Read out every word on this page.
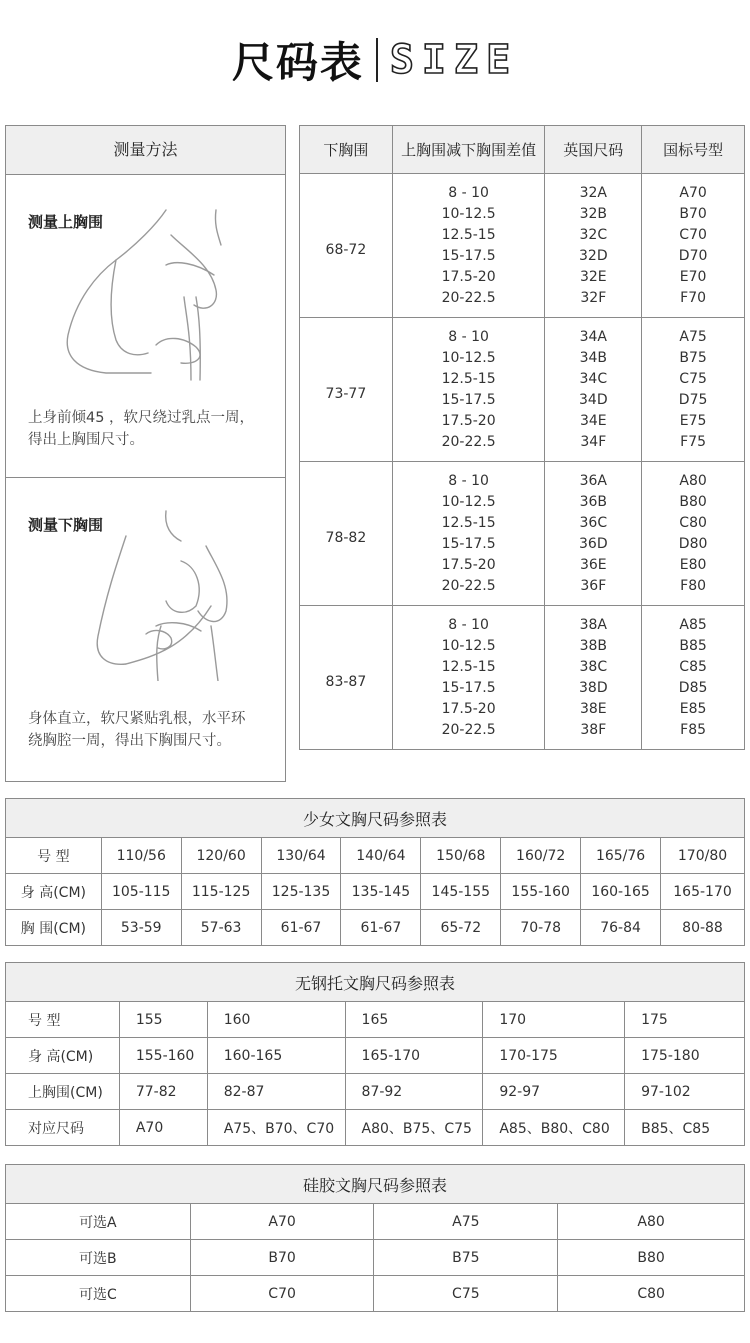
尺码表 SIZE
测量方法
测量上胸围
上身前倾45 ，软尺绕过乳点一周，
得出上胸围尺寸。
测量下胸围
身体直立，软尺紧贴乳根，水平环
绕胸腔一周，得出下胸围尺寸。
下胸围	上胸围减下胸围差值	英国尺码	国标号型
68-72	8 - 10	32A	A70
	10-12.5	32B	B70
	12.5-15	32C	C70
	15-17.5	32D	D70
	17.5-20	32E	E70
	20-22.5	32F	F70
73-77	8 - 10	34A	A75
	10-12.5	34B	B75
	12.5-15	34C	C75
	15-17.5	34D	D75
	17.5-20	34E	E75
	20-22.5	34F	F75
78-82	8 - 10	36A	A80
	10-12.5	36B	B80
	12.5-15	36C	C80
	15-17.5	36D	D80
	17.5-20	36E	E80
	20-22.5	36F	F80
83-87	8 - 10	38A	A85
	10-12.5	38B	B85
	12.5-15	38C	C85
	15-17.5	38D	D85
	17.5-20	38E	E85
	20-22.5	38F	F85
少女文胸尺码参照表								
号 型	110/56	120/60	130/64	140/64	150/68	160/72	165/76	170/80
身 高(CM)	105-115	115-125	125-135	135-145	145-155	155-160	160-165	165-170
胸 围(CM)	53-59	57-63	61-67	61-67	65-72	70-78	76-84	80-88
无钢托文胸尺码参照表					
号 型	155	160	165	170	175
身 高(CM)	155-160	160-165	165-170	170-175	175-180
上胸围(CM)	77-82	82-87	87-92	92-97	97-102
对应尺码	A70	A75、B70、C70	A80、B75、C75	A85、B80、C80	B85、C85
硅胶文胸尺码参照表			
可选A	A70	A75	A80
可选B	B70	B75	B80
可选C	C70	C75	C80
